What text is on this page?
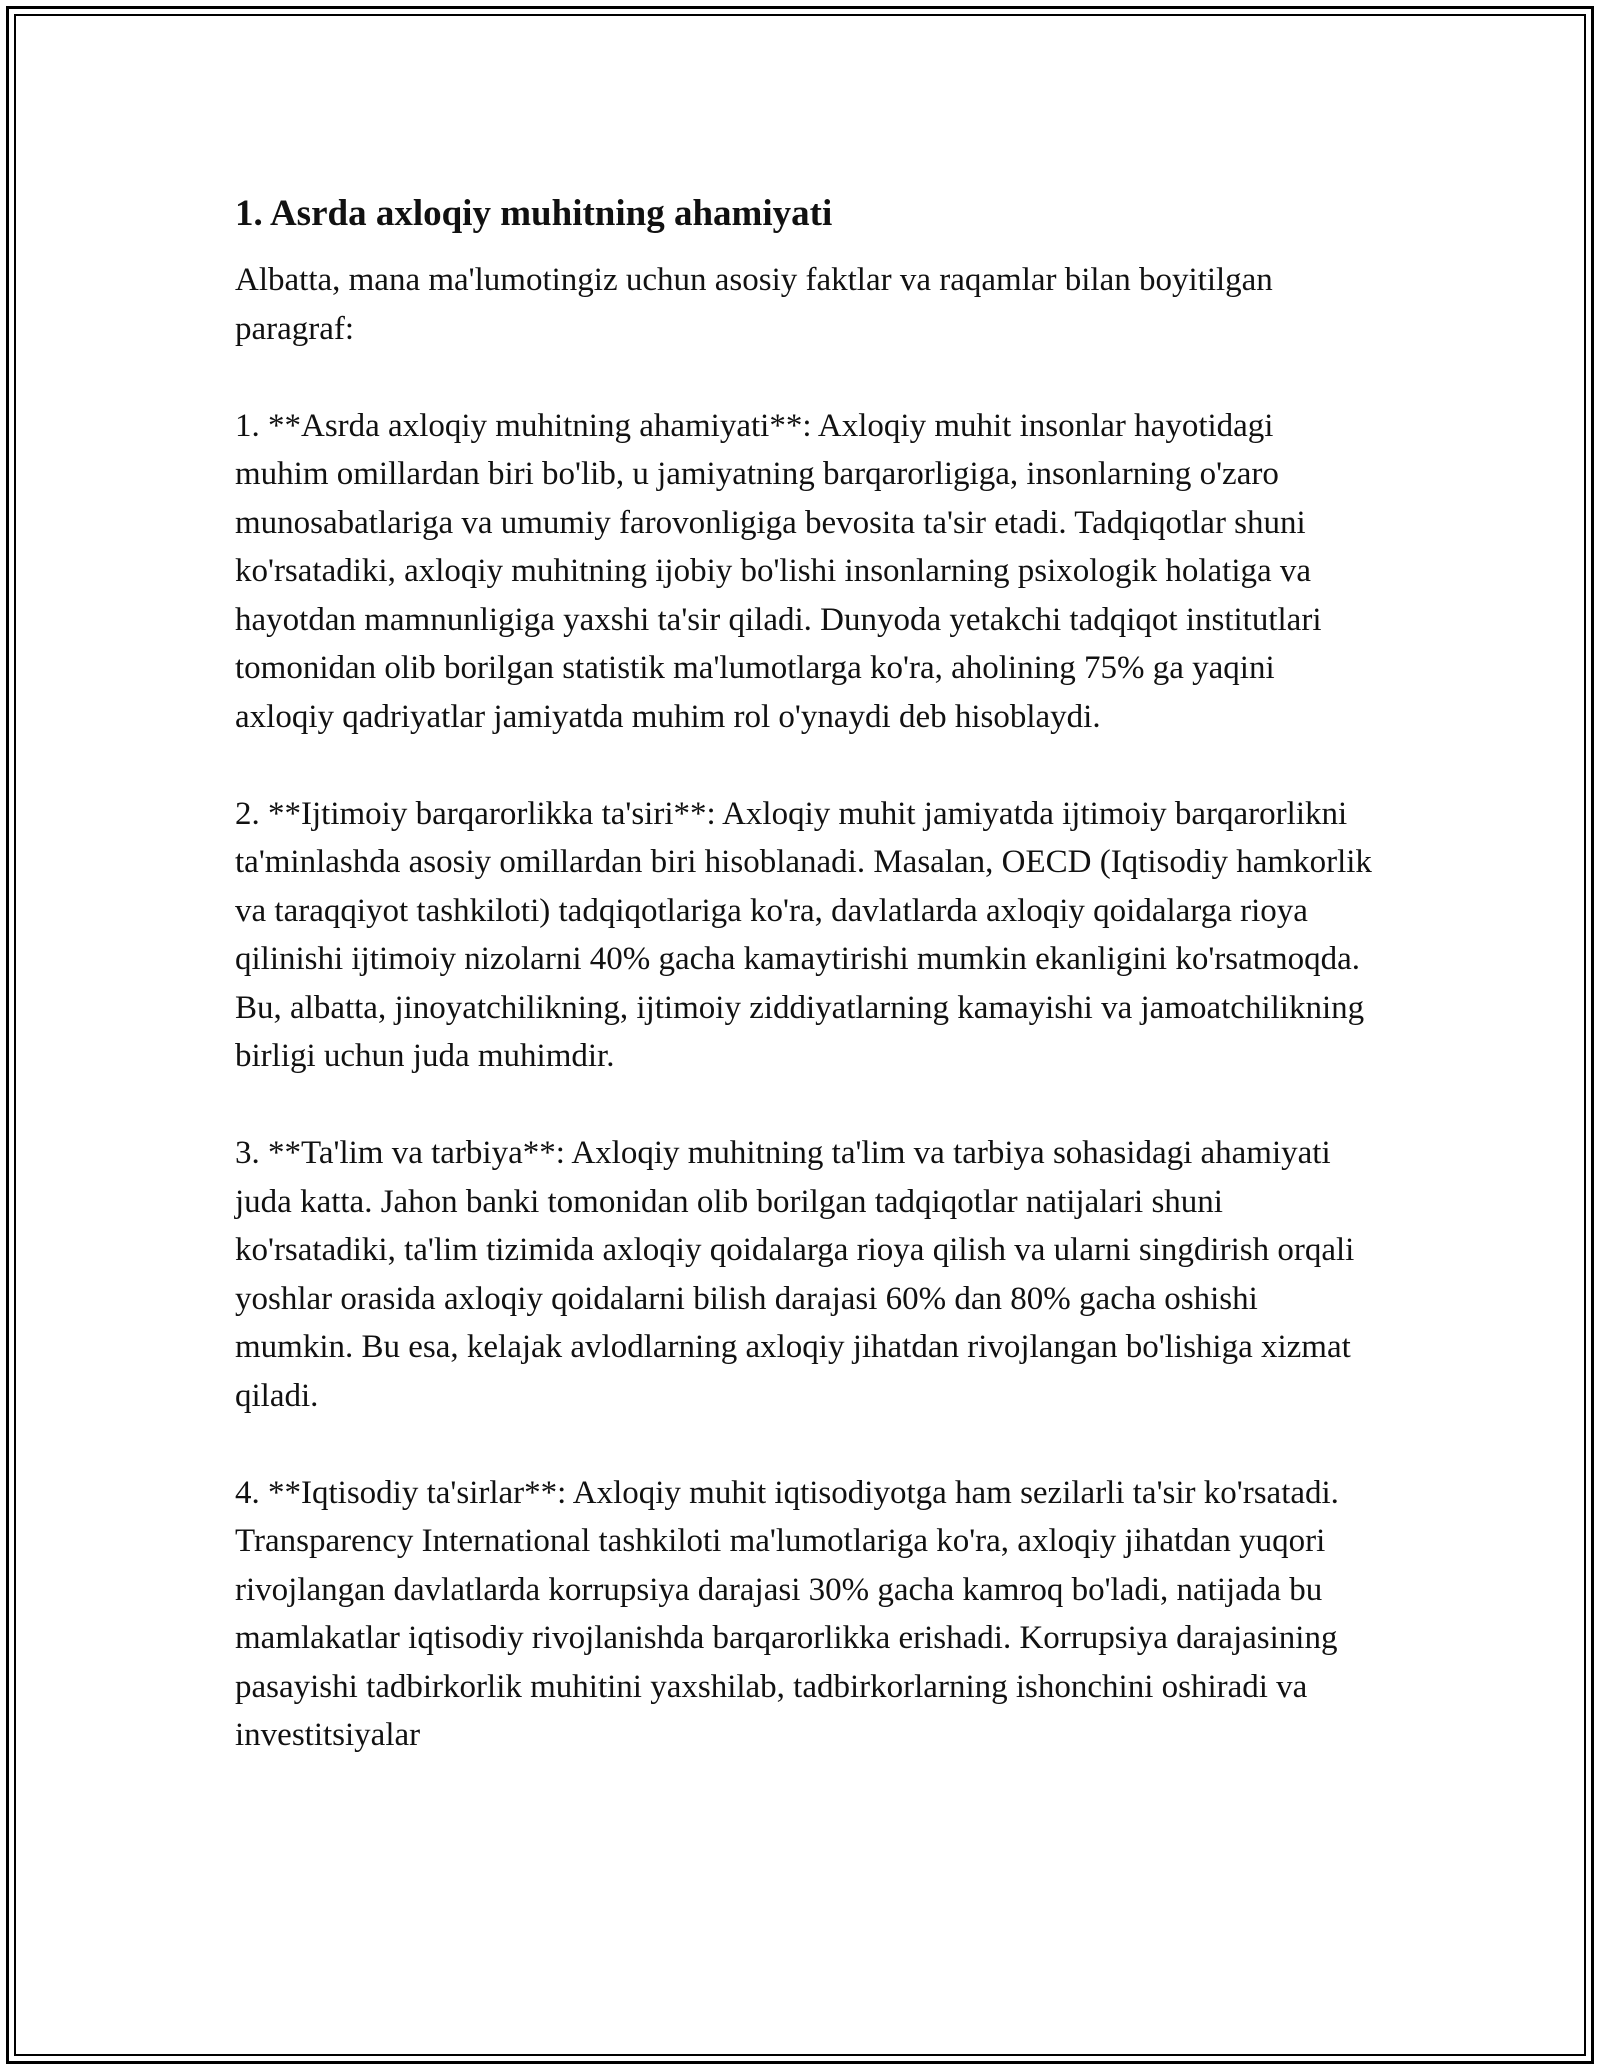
1. Asrda axloqiy muhitning ahamiyati

Albatta, mana ma'lumotingiz uchun asosiy faktlar va raqamlar bilan boyitilgan paragraf:

1. **Asrda axloqiy muhitning ahamiyati**: Axloqiy muhit insonlar hayotidagi muhim omillardan biri bo'lib, u jamiyatning barqarorligiga, insonlarning o'zaro munosabatlariga va umumiy farovonligiga bevosita ta'sir etadi. Tadqiqotlar shuni ko'rsatadiki, axloqiy muhitning ijobiy bo'lishi insonlarning psixologik holatiga va hayotdan mamnunligiga yaxshi ta'sir qiladi. Dunyoda yetakchi tadqiqot institutlari tomonidan olib borilgan statistik ma'lumotlarga ko'ra, aholining 75% ga yaqini axloqiy qadriyatlar jamiyatda muhim rol o'ynaydi deb hisoblaydi.

2. **Ijtimoiy barqarorlikka ta'siri**: Axloqiy muhit jamiyatda ijtimoiy barqarorlikni ta'minlashda asosiy omillardan biri hisoblanadi. Masalan, OECD (Iqtisodiy hamkorlik va taraqqiyot tashkiloti) tadqiqotlariga ko'ra, davlatlarda axloqiy qoidalarga rioya qilinishi ijtimoiy nizolarni 40% gacha kamaytirishi mumkin ekanligini ko'rsatmoqda. Bu, albatta, jinoyatchilikning, ijtimoiy ziddiyatlarning kamayishi va jamoatchilikning birligi uchun juda muhimdir.

3. **Ta'lim va tarbiya**: Axloqiy muhitning ta'lim va tarbiya sohasidagi ahamiyati juda katta. Jahon banki tomonidan olib borilgan tadqiqotlar natijalari shuni ko'rsatadiki, ta'lim tizimida axloqiy qoidalarga rioya qilish va ularni singdirish orqali yoshlar orasida axloqiy qoidalarni bilish darajasi 60% dan 80% gacha oshishi mumkin. Bu esa, kelajak avlodlarning axloqiy jihatdan rivojlangan bo'lishiga xizmat qiladi.

4. **Iqtisodiy ta'sirlar**: Axloqiy muhit iqtisodiyotga ham sezilarli ta'sir ko'rsatadi. Transparency International tashkiloti ma'lumotlariga ko'ra, axloqiy jihatdan yuqori rivojlangan davlatlarda korrupsiya darajasi 30% gacha kamroq bo'ladi, natijada bu mamlakatlar iqtisodiy rivojlanishda barqarorlikka erishadi. Korrupsiya darajasining pasayishi tadbirkorlik muhitini yaxshilab, tadbirkorlarning ishonchini oshiradi va investitsiyalar
